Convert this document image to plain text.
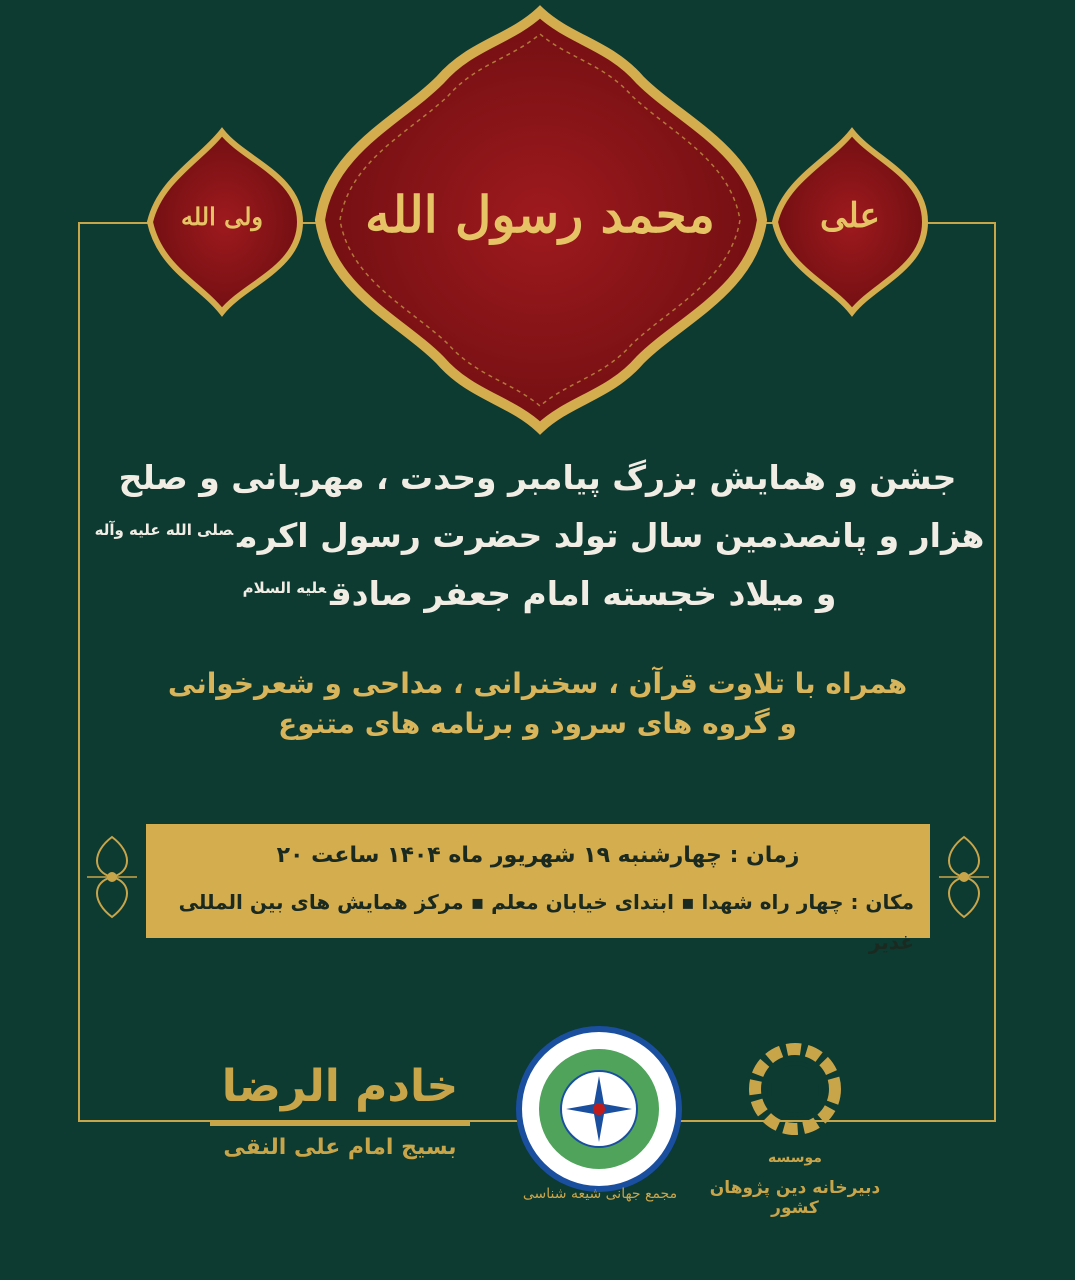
محمد رسول الله
ولی الله	علی
جشن و همایش بزرگ پیامبر وحدت ، مهربانی و صلح
هزار و پانصدمین سال تولد حضرت رسول اکرم$^{صلی الله علیه وآله}$
و میلاد خجسته امام جعفر صادق$^{علیه السلام}$
همراه با تلاوت قرآن ، سخنرانی ، مداحی و شعرخوانی
و گروه های سرود و برنامه های متنوع
زمان : چهارشنبه ۱۹ شهریور ماه ۱۴۰۴ ساعت ۲۰
مکان : چهار راه شهدا ▪ ابتدای خیابان معلم ▪ مرکز همایش های بین المللی غدیر
خادم الرضا
بسیج امام علی النقی
مجمع جهانی شیعه شناسی
موسسه
دبیرخانه دین پژوهان کشور
